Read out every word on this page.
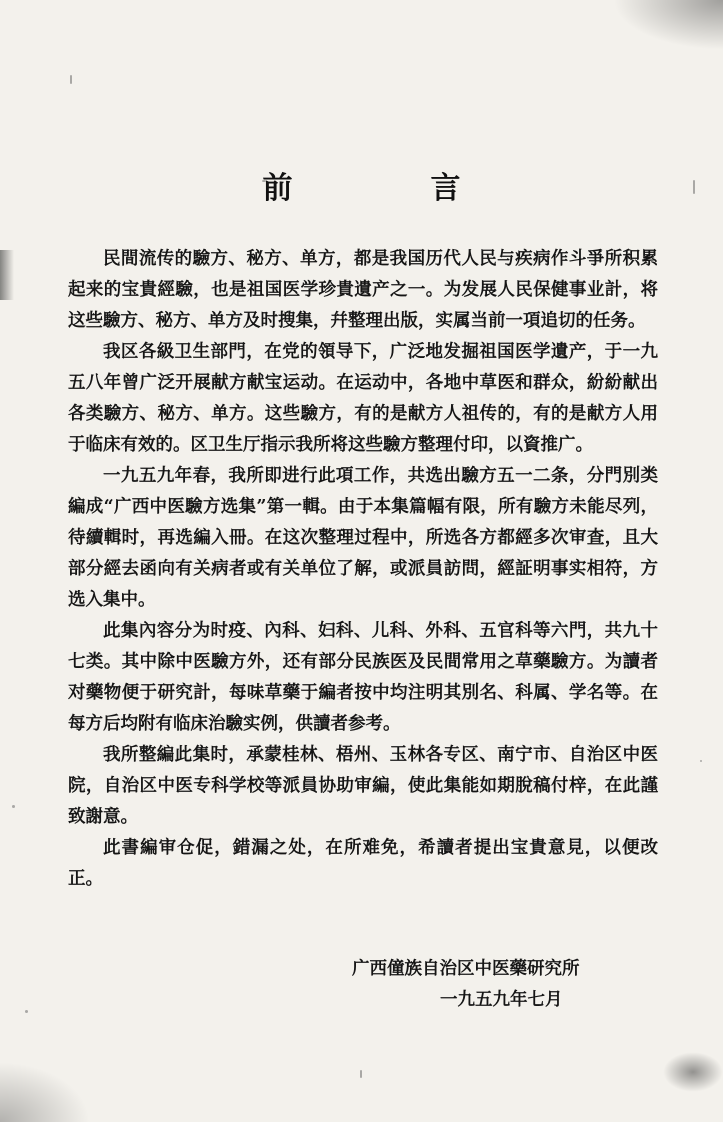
前　言

民間流传的驗方、秘方、单方，都是我国历代人民与疾病作斗爭所积累起来的宝貴經驗，也是祖国医学珍貴遺产之一。为发展人民保健事业計，将这些驗方、秘方、单方及时搜集，幷整理出版，实属当前一項追切的任务。

我区各級卫生部門，在党的領导下，广泛地发掘祖国医学遺产，于一九五八年曾广泛开展献方献宝运动。在运动中，各地中草医和群众，紛紛献出各类驗方、秘方、单方。这些驗方，有的是献方人祖传的，有的是献方人用于临床有效的。区卫生厅指示我所将这些驗方整理付印，以資推广。

一九五九年春，我所即进行此項工作，共选出驗方五一二条，分門別类編成“广西中医驗方选集”第一輯。由于本集篇幅有限，所有驗方未能尽列，待續輯时，再选編入冊。在这次整理过程中，所选各方都經多次审查，且大部分經去函向有关病者或有关单位了解，或派員訪問，經証明事实相符，方选入集中。

此集內容分为时疫、內科、妇科、儿科、外科、五官科等六門，共九十七类。其中除中医驗方外，还有部分民族医及民間常用之草藥驗方。为讀者对藥物便于研究計，每味草藥于編者按中均注明其別名、科属、学名等。在每方后均附有临床治驗实例，供讀者参考。

我所整編此集时，承蒙桂林、梧州、玉林各专区、南宁市、自治区中医院，自治区中医专科学校等派員协助审編，使此集能如期脫稿付梓，在此謹致謝意。

此書編审仓促，錯漏之处，在所难免，希讀者提出宝貴意見，以便改正。

广西僮族自治区中医藥研究所
一九五九年七月
